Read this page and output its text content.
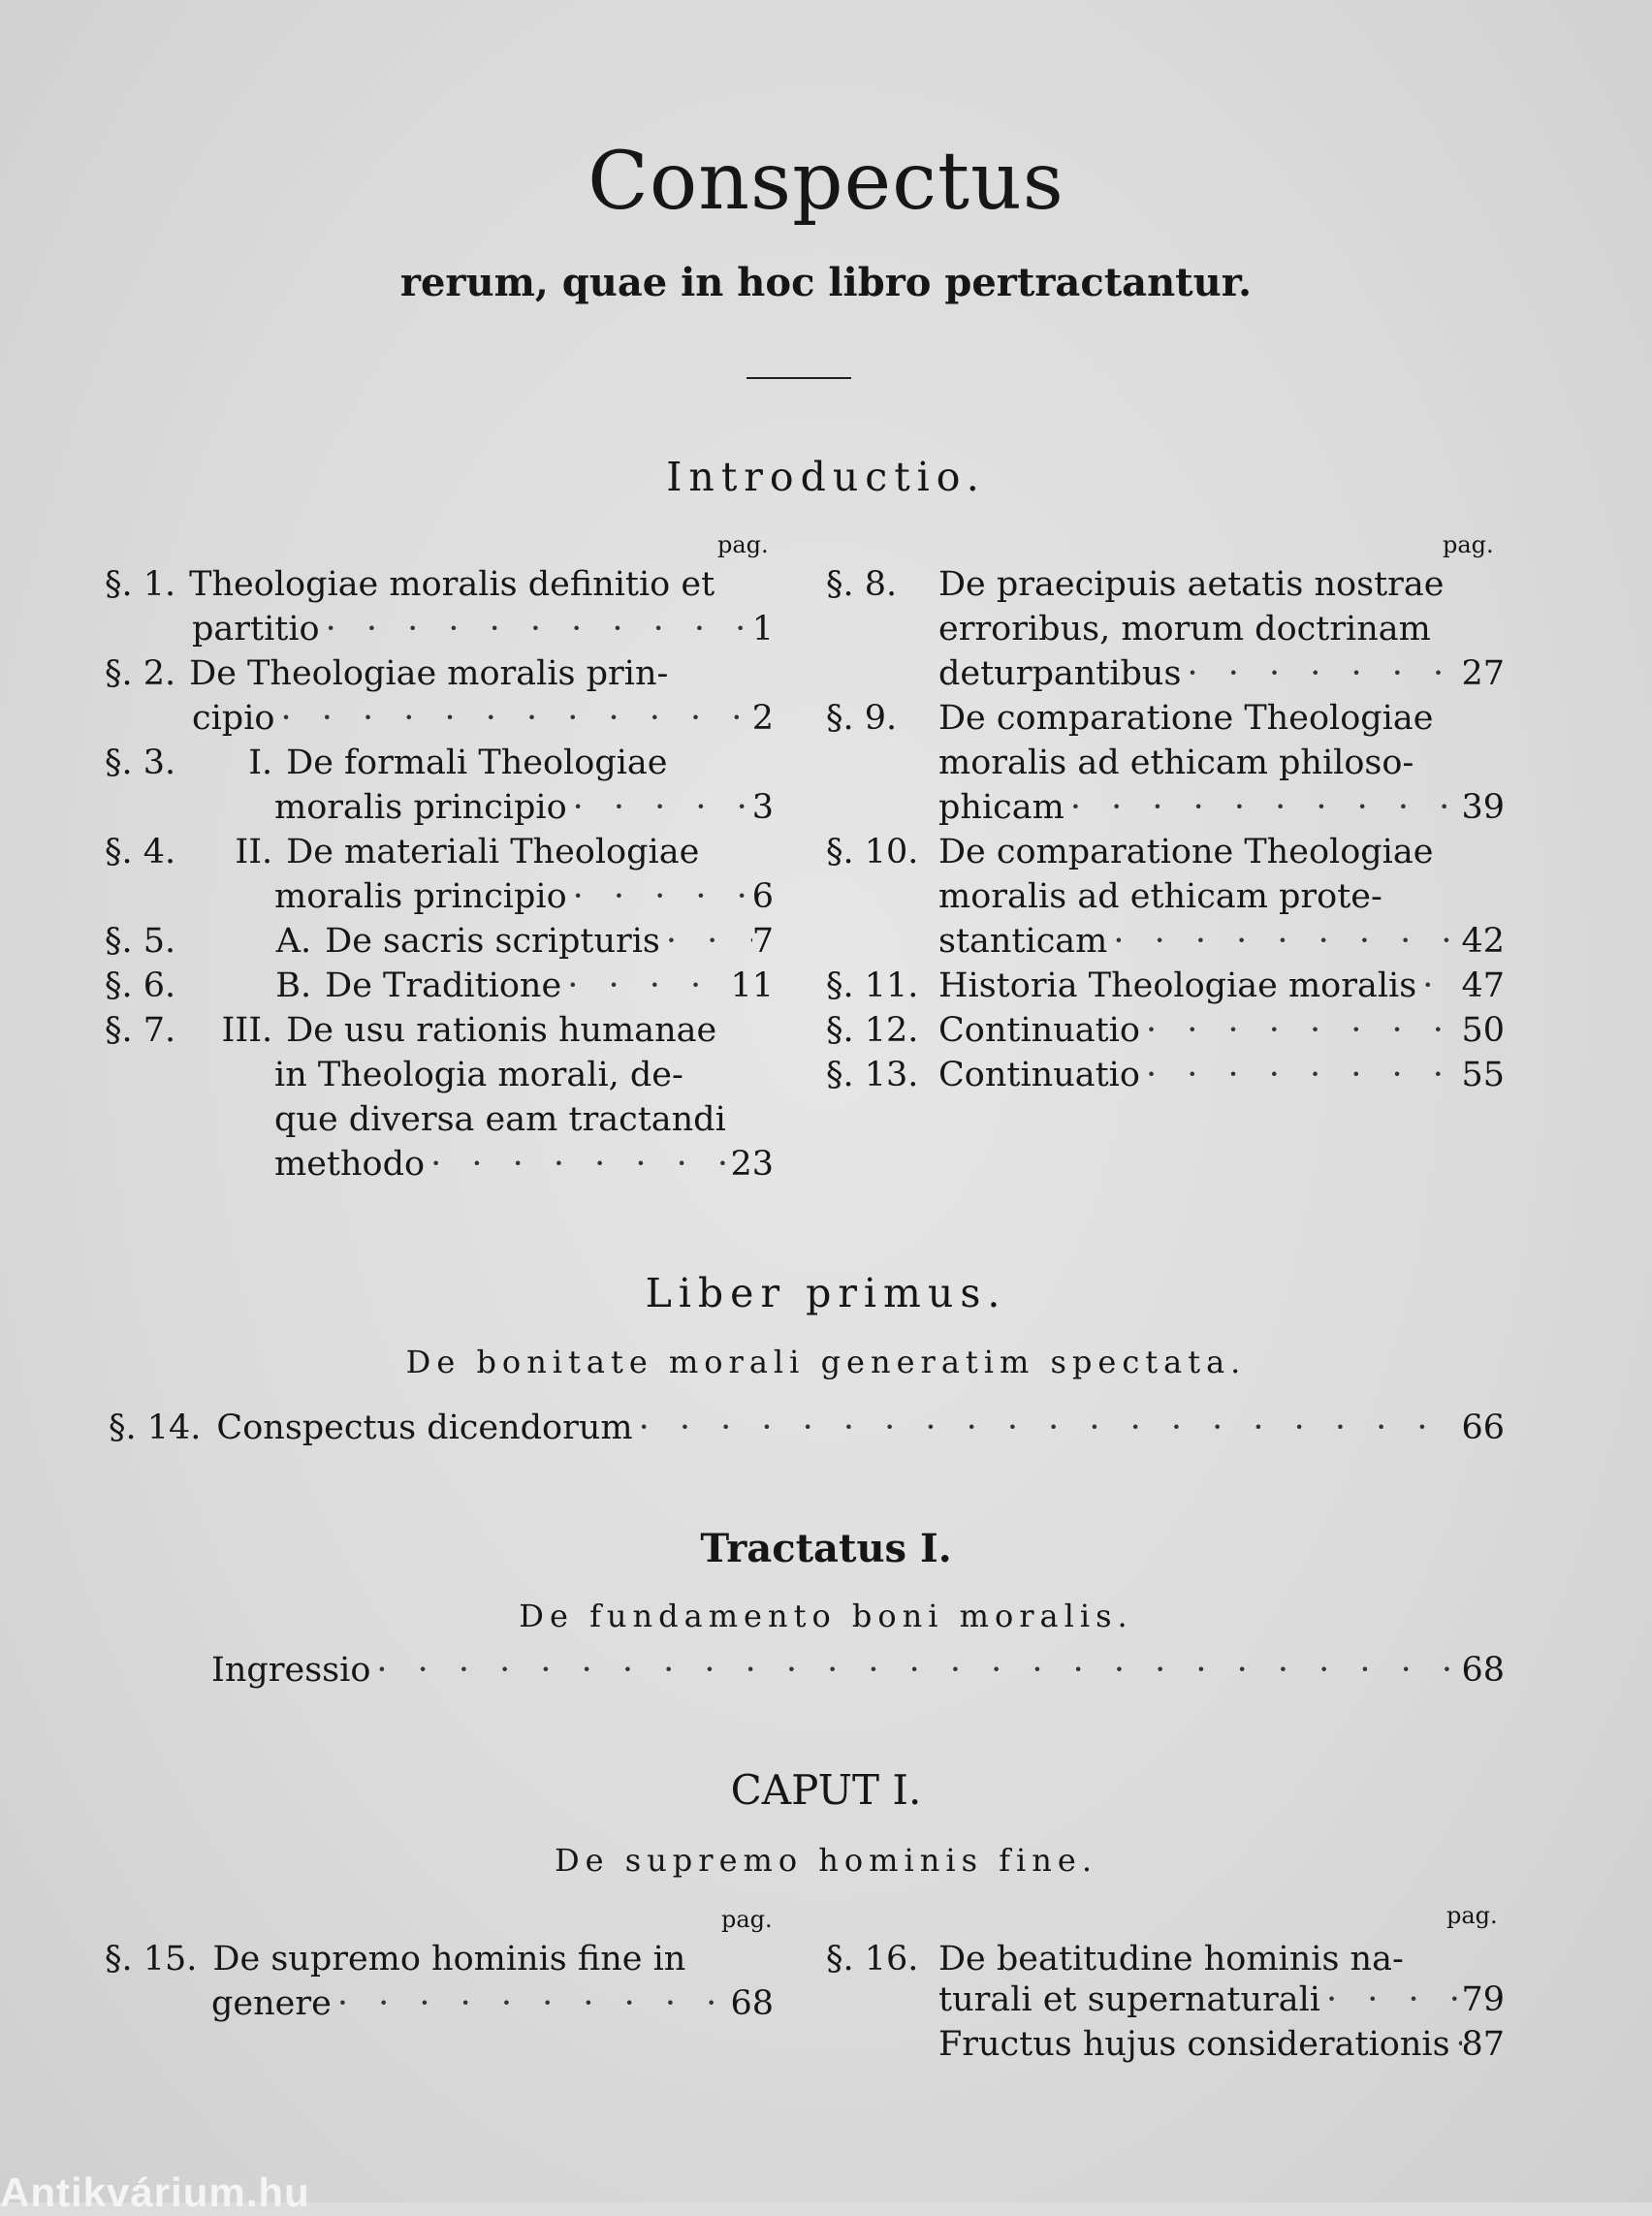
Conspectus
rerum, quae in hoc libro pertractantur.
Introductio.
pag.	pag.
§. 1. Theologiae moralis definitio et
partitio · · ·	1
§. 2. De Theologiae moralis prin-
cipio · · ·	2
§. 3.	I. De formali Theologiae
moralis principio · · ·	3
§. 4.	II. De materiali Theologiae
moralis principio · · ·	6
§. 5.	A. De sacris scripturis · · ·	7
§. 6.	B. De Traditione · · ·	11
§. 7.	III. De usu rationis humanae
in Theologia morali, de-
que diversa eam tractandi
methodo · · ·	23
§. 8.	De praecipuis aetatis nostrae
erroribus, morum doctrinam
deturpantibus · · ·	27
§. 9.	De comparatione Theologiae
moralis ad ethicam philoso-
phicam · · ·	39
§. 10. De comparatione Theologiae
moralis ad ethicam prote-
stanticam · · ·	42
§. 11. Historia Theologiae moralis · · · 47
§. 12. Continuatio · · ·	50
§. 13. Continuatio · · ·	55
Liber primus.
De bonitate morali generatim spectata.
§. 14. Conspectus dicendorum · · ·	66
Tractatus I.
De fundamento boni moralis.
Ingressio · · ·	68
CAPUT I.
De supremo hominis fine.
pag.	pag.
§. 15. De supremo hominis fine in
genere · · ·	68
§. 16. De beatitudine hominis na-
turali et supernaturali · · ·	79
Fructus hujus considerationis · · · 87
Antikvárium.hu
